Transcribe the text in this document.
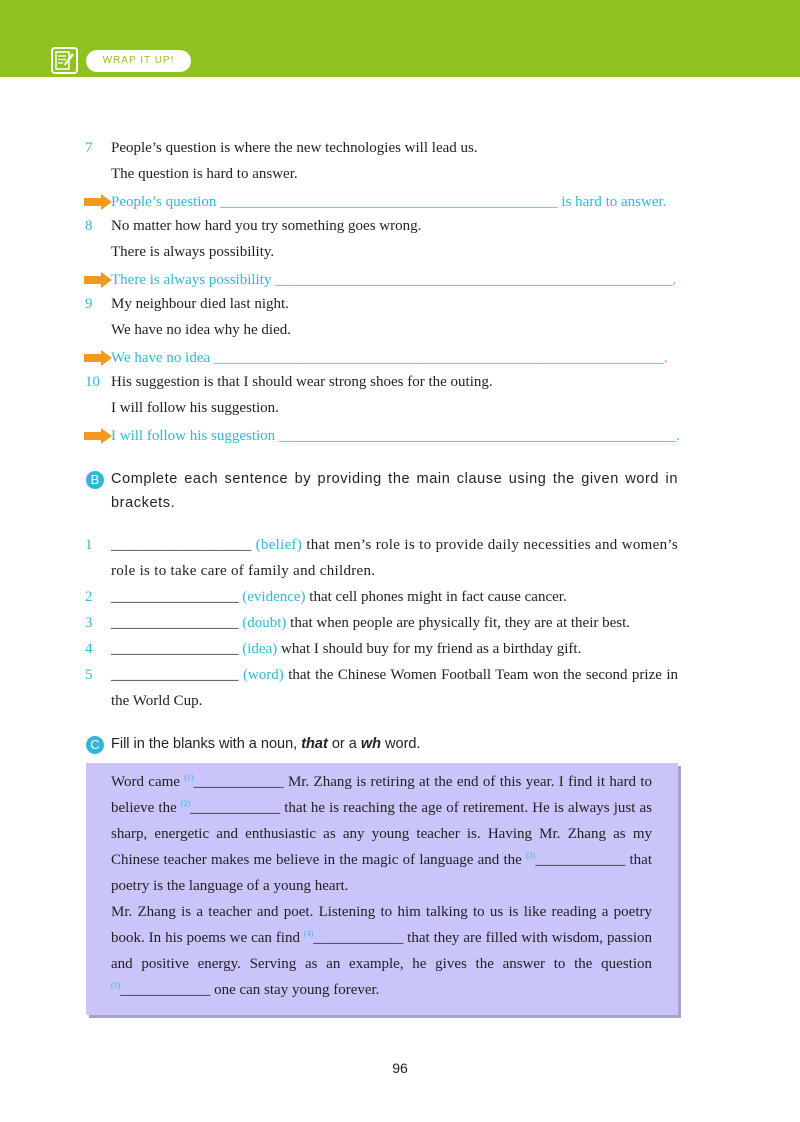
WRAP IT UP!
7 People’s question is where the new technologies will lead us.
The question is hard to answer.
People’s question _____________________________________________ is hard to answer.
8 No matter how hard you try something goes wrong.
There is always possibility.
There is always possibility _____________________________________________________.
9 My neighbour died last night.
We have no idea why he died.
We have no idea ____________________________________________________________.
10 His suggestion is that I should wear strong shoes for the outing.
I will follow his suggestion.
I will follow his suggestion _____________________________________________________.
B Complete each sentence by providing the main clause using the given word in brackets.
1 __________________ (belief) that men’s role is to provide daily necessities and women’s role is to take care of family and children.
2 _________________ (evidence) that cell phones might in fact cause cancer.
3 _________________ (doubt) that when people are physically fit, they are at their best.
4 _________________ (idea) what I should buy for my friend as a birthday gift.
5 _________________ (word) that the Chinese Women Football Team won the second prize in the World Cup.
C Fill in the blanks with a noun, that or a wh word.
Word came $^{(1)}$____________ Mr. Zhang is retiring at the end of this year. I find it hard to believe the $^{(2)}$____________ that he is reaching the age of retirement. He is always just as sharp, energetic and enthusiastic as any young teacher is. Having Mr. Zhang as my Chinese teacher makes me believe in the magic of language and the $^{(3)}$____________ that poetry is the language of a young heart.
Mr. Zhang is a teacher and poet. Listening to him talking to us is like reading a poetry book. In his poems we can find $^{(4)}$____________ that they are filled with wisdom, passion and positive energy. Serving as an example, he gives the answer to the question $^{(5)}$____________ one can stay young forever.
96
